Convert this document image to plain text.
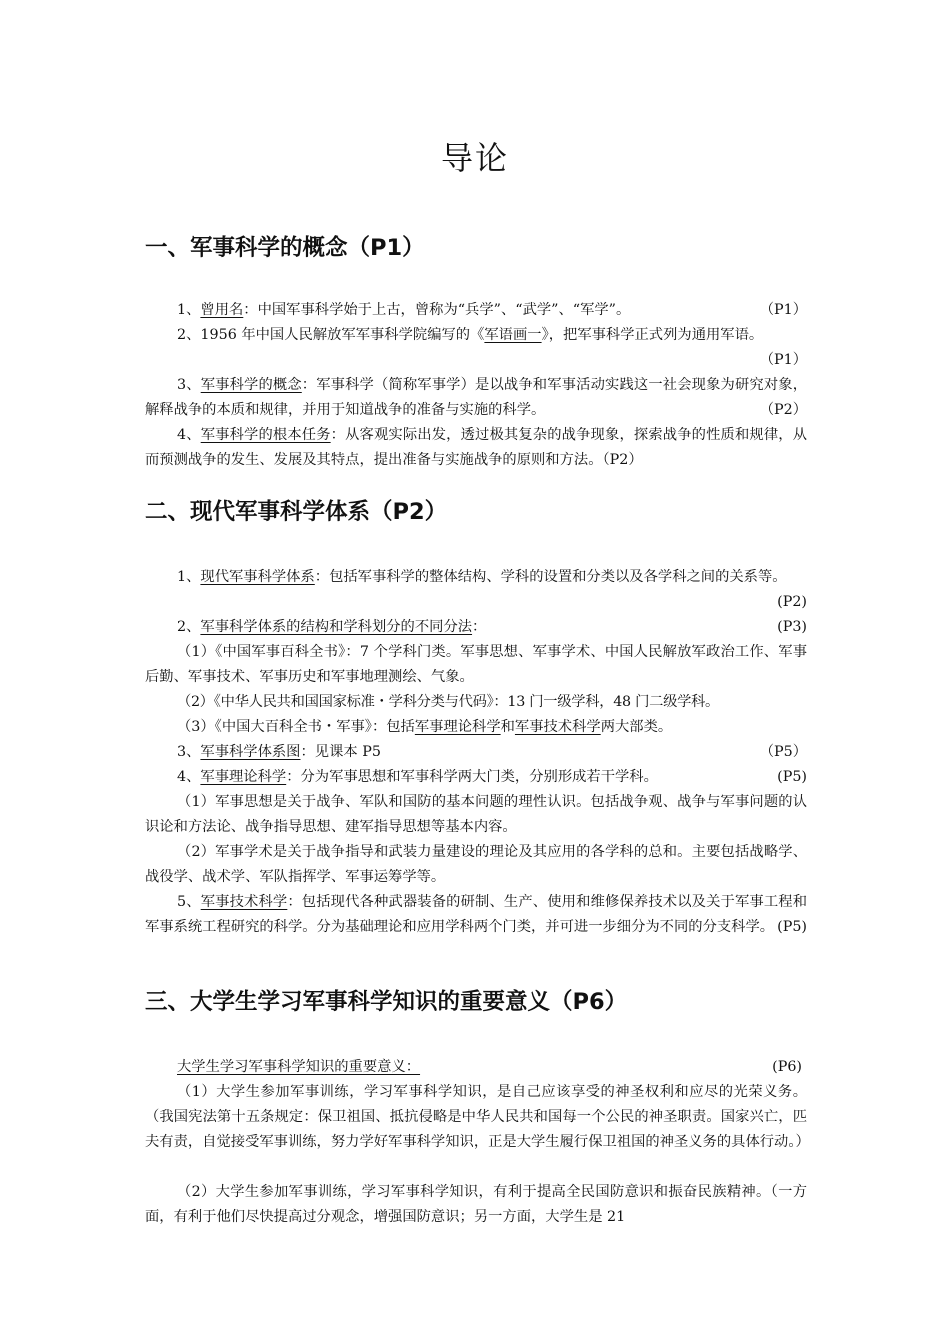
导论
一、军事科学的概念（P1）
（P1）
1、曾用名：中国军事科学始于上古，曾称为“兵学”、“武学”、“军学”。
2、1956 年中国人民解放军军事科学院编写的《军语画一》，把军事科学正式列为通用军语。
（P1）
3、军事科学的概念：军事科学（简称军事学）是以战争和军事活动实践这一社会现象为研究对象，解释战争的本质和规律，并用于知道战争的准备与实施的科学。	（P2）
4、军事科学的根本任务：从客观实际出发，透过极其复杂的战争现象，探索战争的性质和规律，从而预测战争的发生、发展及其特点，提出准备与实施战争的原则和方法。（P2）
二、现代军事科学体系（P2）
1、现代军事科学体系：包括军事科学的整体结构、学科的设置和分类以及各学科之间的关系等。
(P2)
(P3)
2、军事科学体系的结构和学科划分的不同分法：
（1）《中国军事百科全书》：7 个学科门类。军事思想、军事学术、中国人民解放军政治工作、军事后勤、军事技术、军事历史和军事地理测绘、气象。
（2）《中华人民共和国国家标准・学科分类与代码》：13 门一级学科，48 门二级学科。
（3）《中国大百科全书・军事》：包括军事理论科学和军事技术科学两大部类。
（P5）
3、军事科学体系图：见课本 P5
(P5)
4、军事理论科学：分为军事思想和军事科学两大门类，分别形成若干学科。
（1）军事思想是关于战争、军队和国防的基本问题的理性认识。包括战争观、战争与军事问题的认识论和方法论、战争指导思想、建军指导思想等基本内容。
（2）军事学术是关于战争指导和武装力量建设的理论及其应用的各学科的总和。主要包括战略学、战役学、战术学、军队指挥学、军事运筹学等。
5、军事技术科学：包括现代各种武器装备的研制、生产、使用和维修保养技术以及关于军事工程和军事系统工程研究的科学。分为基础理论和应用学科两个门类，并可进一步细分为不同的分支科学。 (P5)
三、大学生学习军事科学知识的重要意义（P6）
(P6)
大学生学习军事科学知识的重要意义：
（1）大学生参加军事训练，学习军事科学知识，是自己应该享受的神圣权利和应尽的光荣义务。（我国宪法第十五条规定：保卫祖国、抵抗侵略是中华人民共和国每一个公民的神圣职责。国家兴亡，匹夫有责，自觉接受军事训练，努力学好军事科学知识，正是大学生履行保卫祖国的神圣义务的具体行动。）
（2）大学生参加军事训练，学习军事科学知识，有利于提高全民国防意识和振奋民族精神。（一方面，有利于他们尽快提高过分观念，增强国防意识；另一方面，大学生是 21
